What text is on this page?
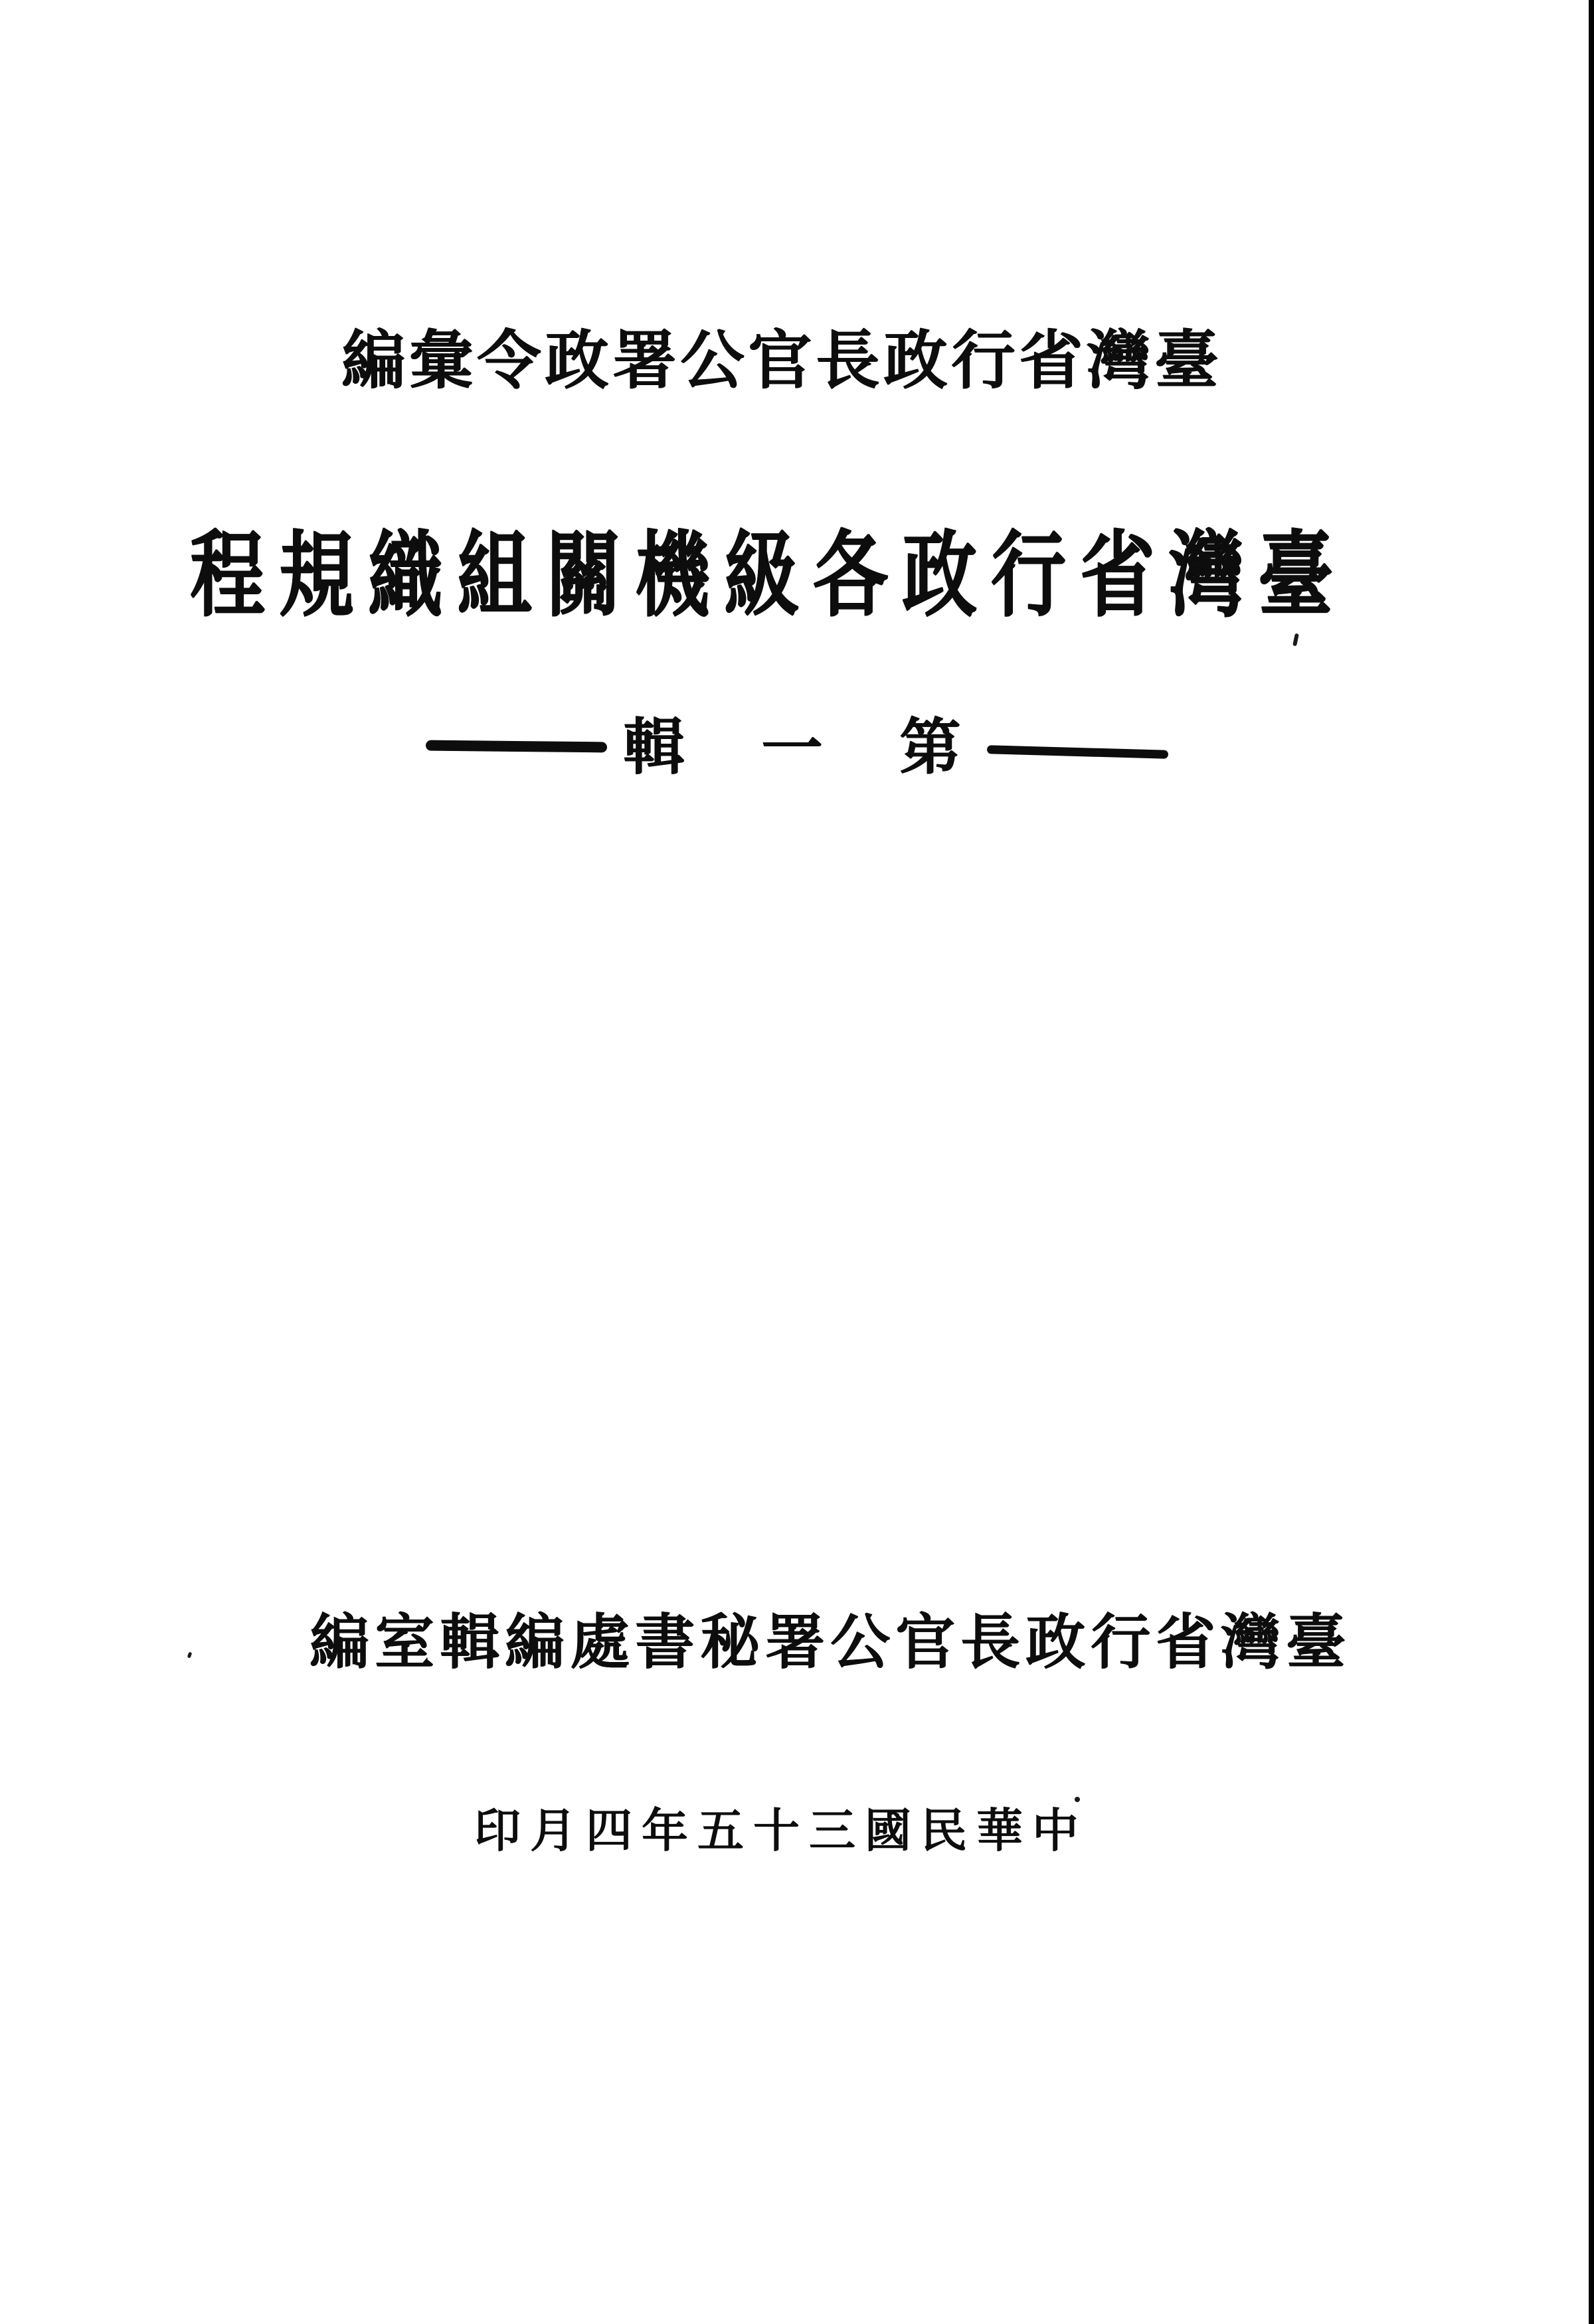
編彙令政署公官長政行省灣臺
程規織組關機級各政行省灣臺
輯 一 第
編室輯編處書秘署公官長政行省灣臺
印月四年五十三國民華中
